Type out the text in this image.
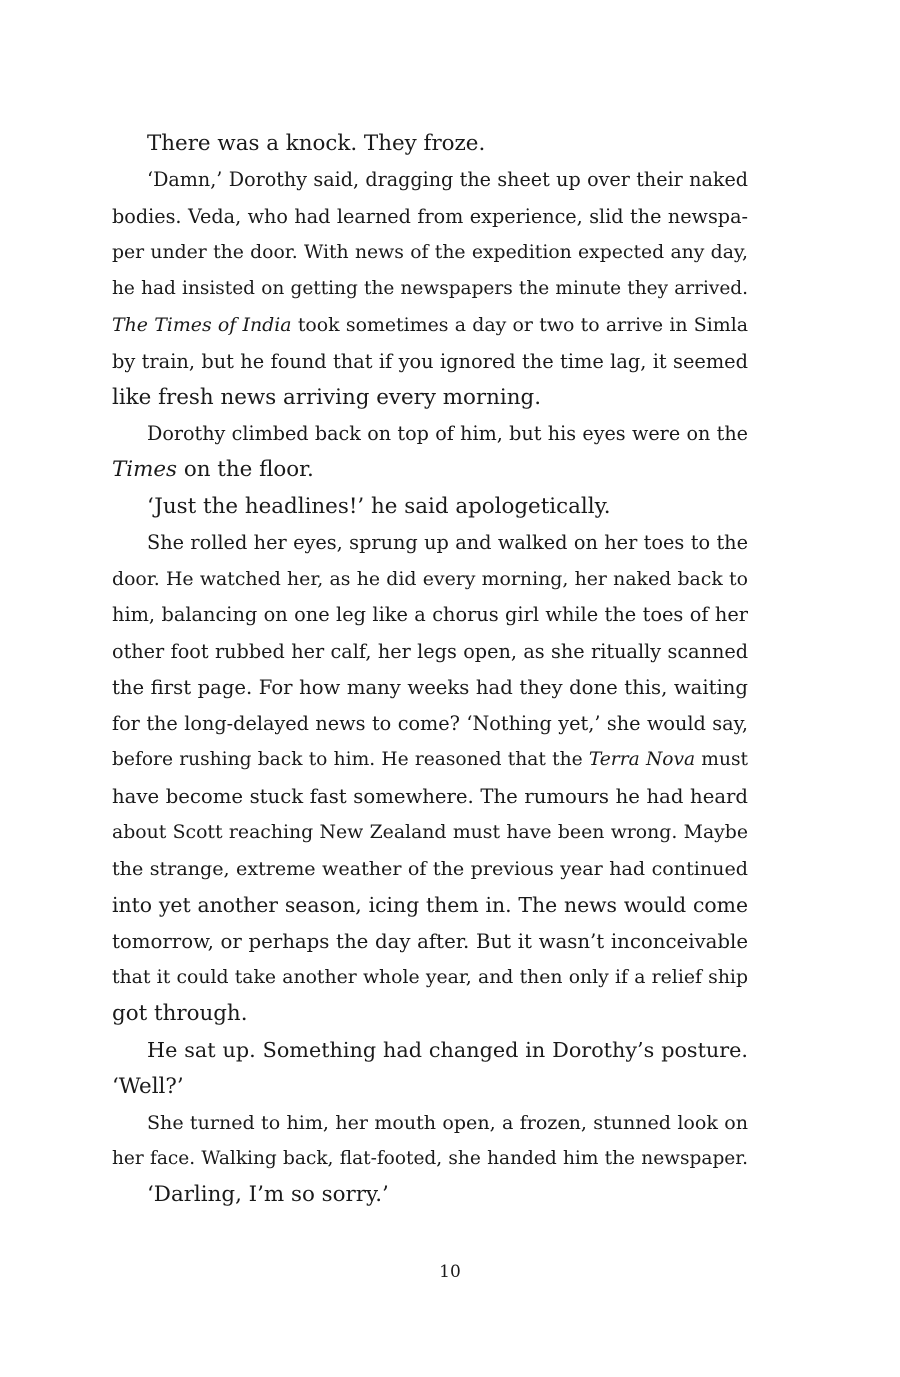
There was a knock. They froze.
‘Damn,’ Dorothy said, dragging the sheet up over their naked
bodies. Veda, who had learned from experience, slid the newspa-
per under the door. With news of the expedition expected any day,
he had insisted on getting the newspapers the minute they arrived.
The Times of India took sometimes a day or two to arrive in Simla
by train, but he found that if you ignored the time lag, it seemed
like fresh news arriving every morning.
Dorothy climbed back on top of him, but his eyes were on the
Times on the floor.
‘Just the headlines!’ he said apologetically.
She rolled her eyes, sprung up and walked on her toes to the
door. He watched her, as he did every morning, her naked back to
him, balancing on one leg like a chorus girl while the toes of her
other foot rubbed her calf, her legs open, as she ritually scanned
the first page. For how many weeks had they done this, waiting
for the long-delayed news to come? ‘Nothing yet,’ she would say,
before rushing back to him. He reasoned that the Terra Nova must
have become stuck fast somewhere. The rumours he had heard
about Scott reaching New Zealand must have been wrong. Maybe
the strange, extreme weather of the previous year had continued
into yet another season, icing them in. The news would come
tomorrow, or perhaps the day after. But it wasn’t inconceivable
that it could take another whole year, and then only if a relief ship
got through.
He sat up. Something had changed in Dorothy’s posture.
‘Well?’
She turned to him, her mouth open, a frozen, stunned look on
her face. Walking back, flat-footed, she handed him the newspaper.
‘Darling, I’m so sorry.’
10
